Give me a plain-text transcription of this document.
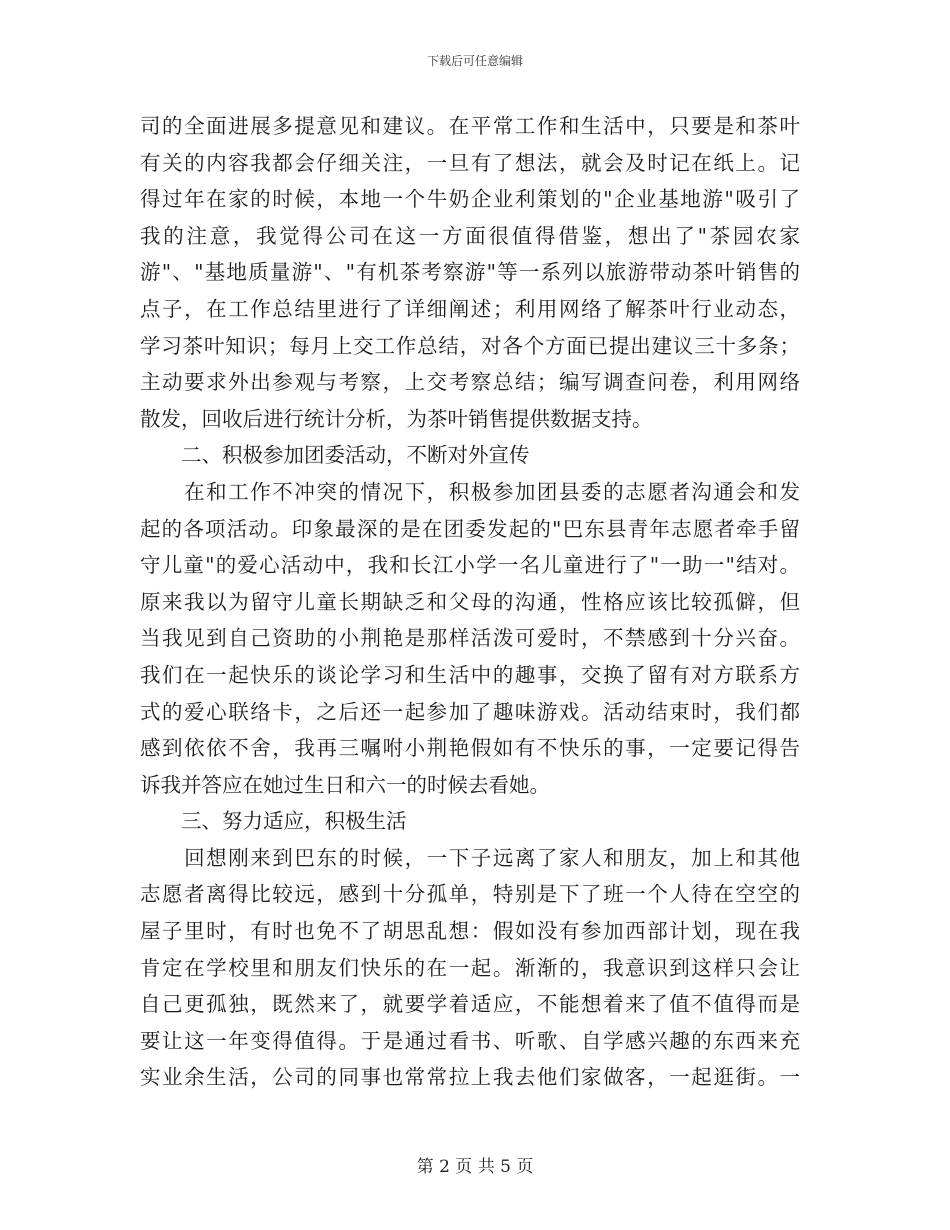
下载后可任意编辑
司的全面进展多提意见和建议。在平常工作和生活中，只要是和茶叶
有关的内容我都会仔细关注，一旦有了想法，就会及时记在纸上。记
得过年在家的时候，本地一个牛奶企业利策划的"企业基地游"吸引了
我的注意，我觉得公司在这一方面很值得借鉴，想出了"茶园农家
游"、"基地质量游"、"有机茶考察游"等一系列以旅游带动茶叶销售的
点子，在工作总结里进行了详细阐述；利用网络了解茶叶行业动态，
学习茶叶知识；每月上交工作总结，对各个方面已提出建议三十多条；
主动要求外出参观与考察，上交考察总结；编写调查问卷，利用网络
散发，回收后进行统计分析，为茶叶销售提供数据支持。
　　二、积极参加团委活动，不断对外宣传
　　在和工作不冲突的情况下，积极参加团县委的志愿者沟通会和发
起的各项活动。印象最深的是在团委发起的"巴东县青年志愿者牵手留
守儿童"的爱心活动中，我和长江小学一名儿童进行了"一助一"结对。
原来我以为留守儿童长期缺乏和父母的沟通，性格应该比较孤僻，但
当我见到自己资助的小荆艳是那样活泼可爱时，不禁感到十分兴奋。
我们在一起快乐的谈论学习和生活中的趣事，交换了留有对方联系方
式的爱心联络卡，之后还一起参加了趣味游戏。活动结束时，我们都
感到依依不舍，我再三嘱咐小荆艳假如有不快乐的事，一定要记得告
诉我并答应在她过生日和六一的时候去看她。
　　三、努力适应，积极生活
　　回想刚来到巴东的时候，一下子远离了家人和朋友，加上和其他
志愿者离得比较远，感到十分孤单，特别是下了班一个人待在空空的
屋子里时，有时也免不了胡思乱想：假如没有参加西部计划，现在我
肯定在学校里和朋友们快乐的在一起。渐渐的，我意识到这样只会让
自己更孤独，既然来了，就要学着适应，不能想着来了值不值得而是
要让这一年变得值得。于是通过看书、听歌、自学感兴趣的东西来充
实业余生活，公司的同事也常常拉上我去他们家做客，一起逛街。一
第 2 页 共 5 页
